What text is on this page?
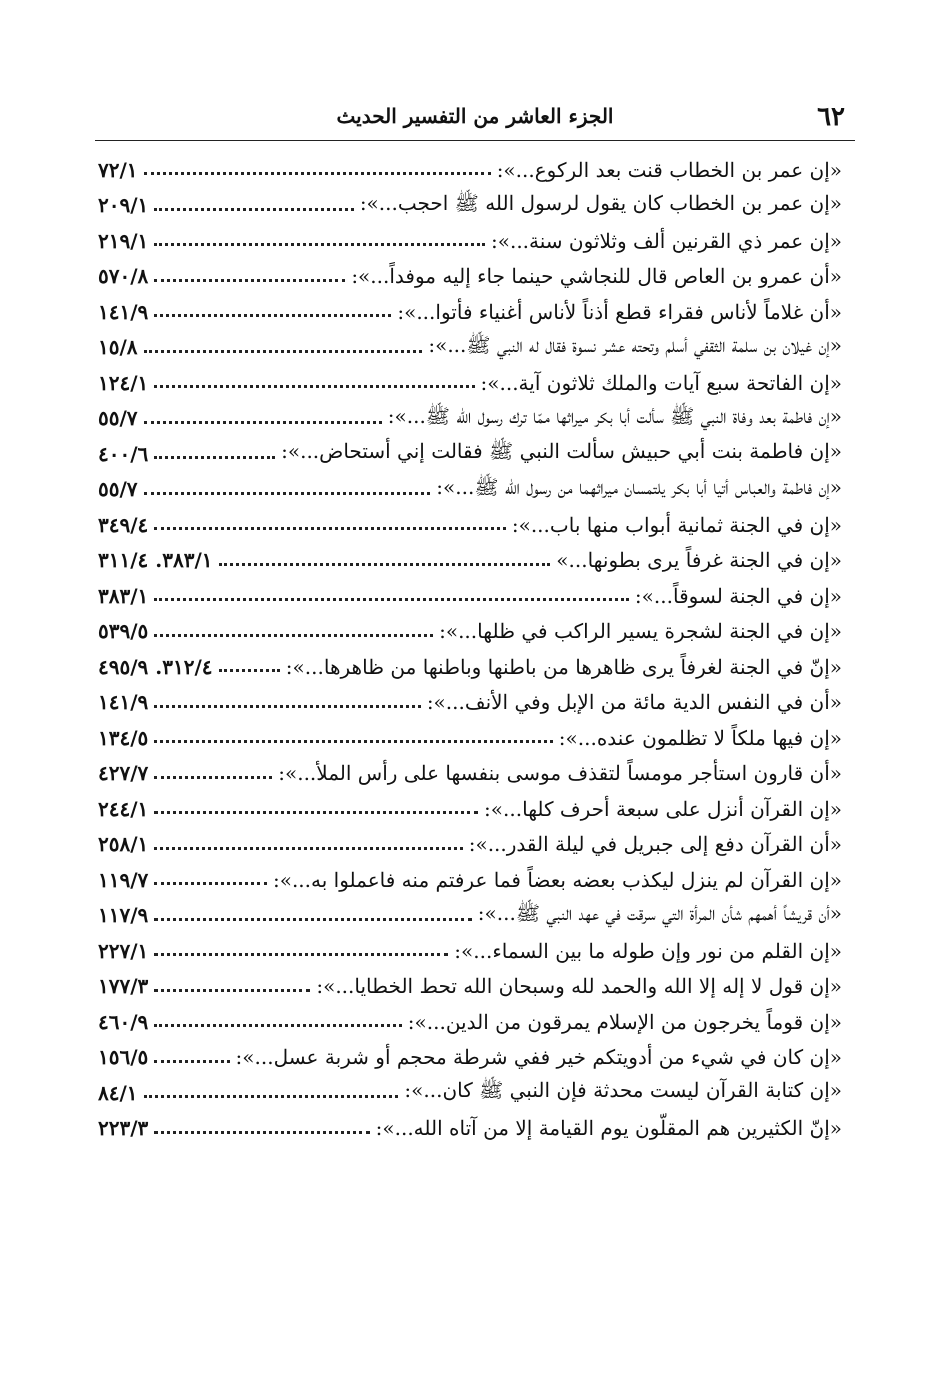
٦٢
الجزء العاشر من التفسير الحديث
«إن عمر بن الخطاب قنت بعد الركوع...»:
٧٢/١
«إن عمر بن الخطاب كان يقول لرسول الله ﷺ احجب...»:
٢٠٩/١
«إن عمر ذي القرنين ألف وثلاثون سنة...»:
٢١٩/١
«أن عمرو بن العاص قال للنجاشي حينما جاء إليه موفداً...»:
٥٧٠/٨
«أن غلاماً لأناس فقراء قطع أذناً لأناس أغنياء فأتوا...»:
١٤١/٩
«إن غيلان بن سلمة الثقفي أسلم وتحته عشر نسوة فقال له النبي ﷺ...»:
١٥/٨
«إن الفاتحة سبع آيات والملك ثلاثون آية...»:
١٢٤/١
«إن فاطمة بعد وفاة النبي ﷺ سألت أبا بكر ميراثها ممّا ترك رسول الله ﷺ...»:
٥٥/٧
«إن فاطمة بنت أبي حبيش سألت النبي ﷺ فقالت إني أستحاض...»:
٤٠٠/٦
«إن فاطمة والعباس أتيا أبا بكر يلتمسان ميراثهما من رسول الله ﷺ...»:
٥٥/٧
«إن في الجنة ثمانية أبواب منها باب...»:
٣٤٩/٤
«إن في الجنة غرفاً يرى بطونها...»
٣٨٣/١. ٣١١/٤
«إن في الجنة لسوقاً...»:
٣٨٣/١
«إن في الجنة لشجرة يسير الراكب في ظلها...»:
٥٣٩/٥
«إنّ في الجنة لغرفاً يرى ظاهرها من باطنها وباطنها من ظاهرها...»:
٣١٢/٤. ٤٩٥/٩
«أن في النفس الدية مائة من الإبل وفي الأنف...»:
١٤١/٩
«إن فيها ملكاً لا تظلمون عنده...»:
١٣٤/٥
«أن قارون استأجر مومساً لتقذف موسى بنفسها على رأس الملأ...»:
٤٢٧/٧
«إن القرآن أنزل على سبعة أحرف كلها...»:
٢٤٤/١
«أن القرآن دفع إلى جبريل في ليلة القدر...»:
٢٥٨/١
«إن القرآن لم ينزل ليكذب بعضه بعضاً فما عرفتم منه فاعملوا به...»:
١١٩/٧
«أن قريشاً أهمهم شأن المرأة التي سرقت في عهد النبي ﷺ...»:
١١٧/٩
«إن القلم من نور وإن طوله ما بين السماء...»:
٢٢٧/١
«إن قول لا إله إلا الله والحمد لله وسبحان الله تحط الخطايا...»:
١٧٧/٣
«إن قوماً يخرجون من الإسلام يمرقون من الدين...»:
٤٦٠/٩
«إن كان في شيء من أدويتكم خير ففي شرطة محجم أو شربة عسل...»:
١٥٦/٥
«إن كتابة القرآن ليست محدثة فإن النبي ﷺ كان...»:
٨٤/١
«إنّ الكثيرين هم المقلّون يوم القيامة إلا من آتاه الله...»:
٢٢٣/٣
